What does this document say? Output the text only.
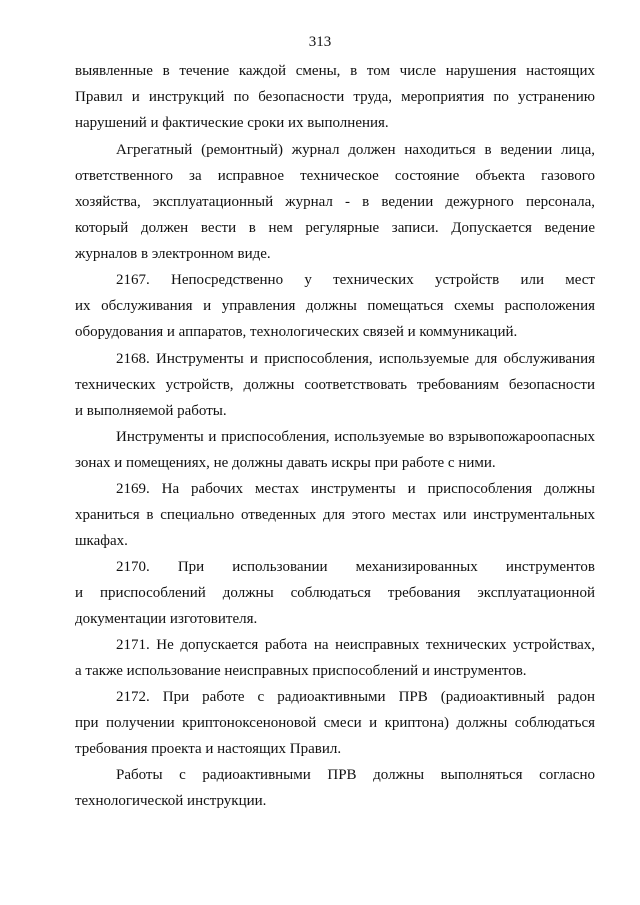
313
выявленные в течение каждой смены, в том числе нарушения настоящих
Правил и инструкций по безопасности труда, мероприятия по устранению
нарушений и фактические сроки их выполнения.
Агрегатный (ремонтный) журнал должен находиться в ведении лица,
ответственного за исправное техническое состояние объекта газового
хозяйства, эксплуатационный журнал - в ведении дежурного персонала,
который должен вести в нем регулярные записи. Допускается ведение
журналов в электронном виде.
2167. Непосредственно у технических устройств или мест
их обслуживания и управления должны помещаться схемы расположения
оборудования и аппаратов, технологических связей и коммуникаций.
2168. Инструменты и приспособления, используемые для обслуживания
технических устройств, должны соответствовать требованиям безопасности
и выполняемой работы.
Инструменты и приспособления, используемые во взрывопожароопасных
зонах и помещениях, не должны давать искры при работе с ними.
2169. На рабочих местах инструменты и приспособления должны
храниться в специально отведенных для этого местах или инструментальных
шкафах.
2170. При использовании механизированных инструментов
и приспособлений должны соблюдаться требования эксплуатационной
документации изготовителя.
2171. Не допускается работа на неисправных технических устройствах,
а также использование неисправных приспособлений и инструментов.
2172. При работе с радиоактивными ПРВ (радиоактивный радон
при получении криптоноксеноновой смеси и криптона) должны соблюдаться
требования проекта и настоящих Правил.
Работы с радиоактивными ПРВ должны выполняться согласно
технологической инструкции.
